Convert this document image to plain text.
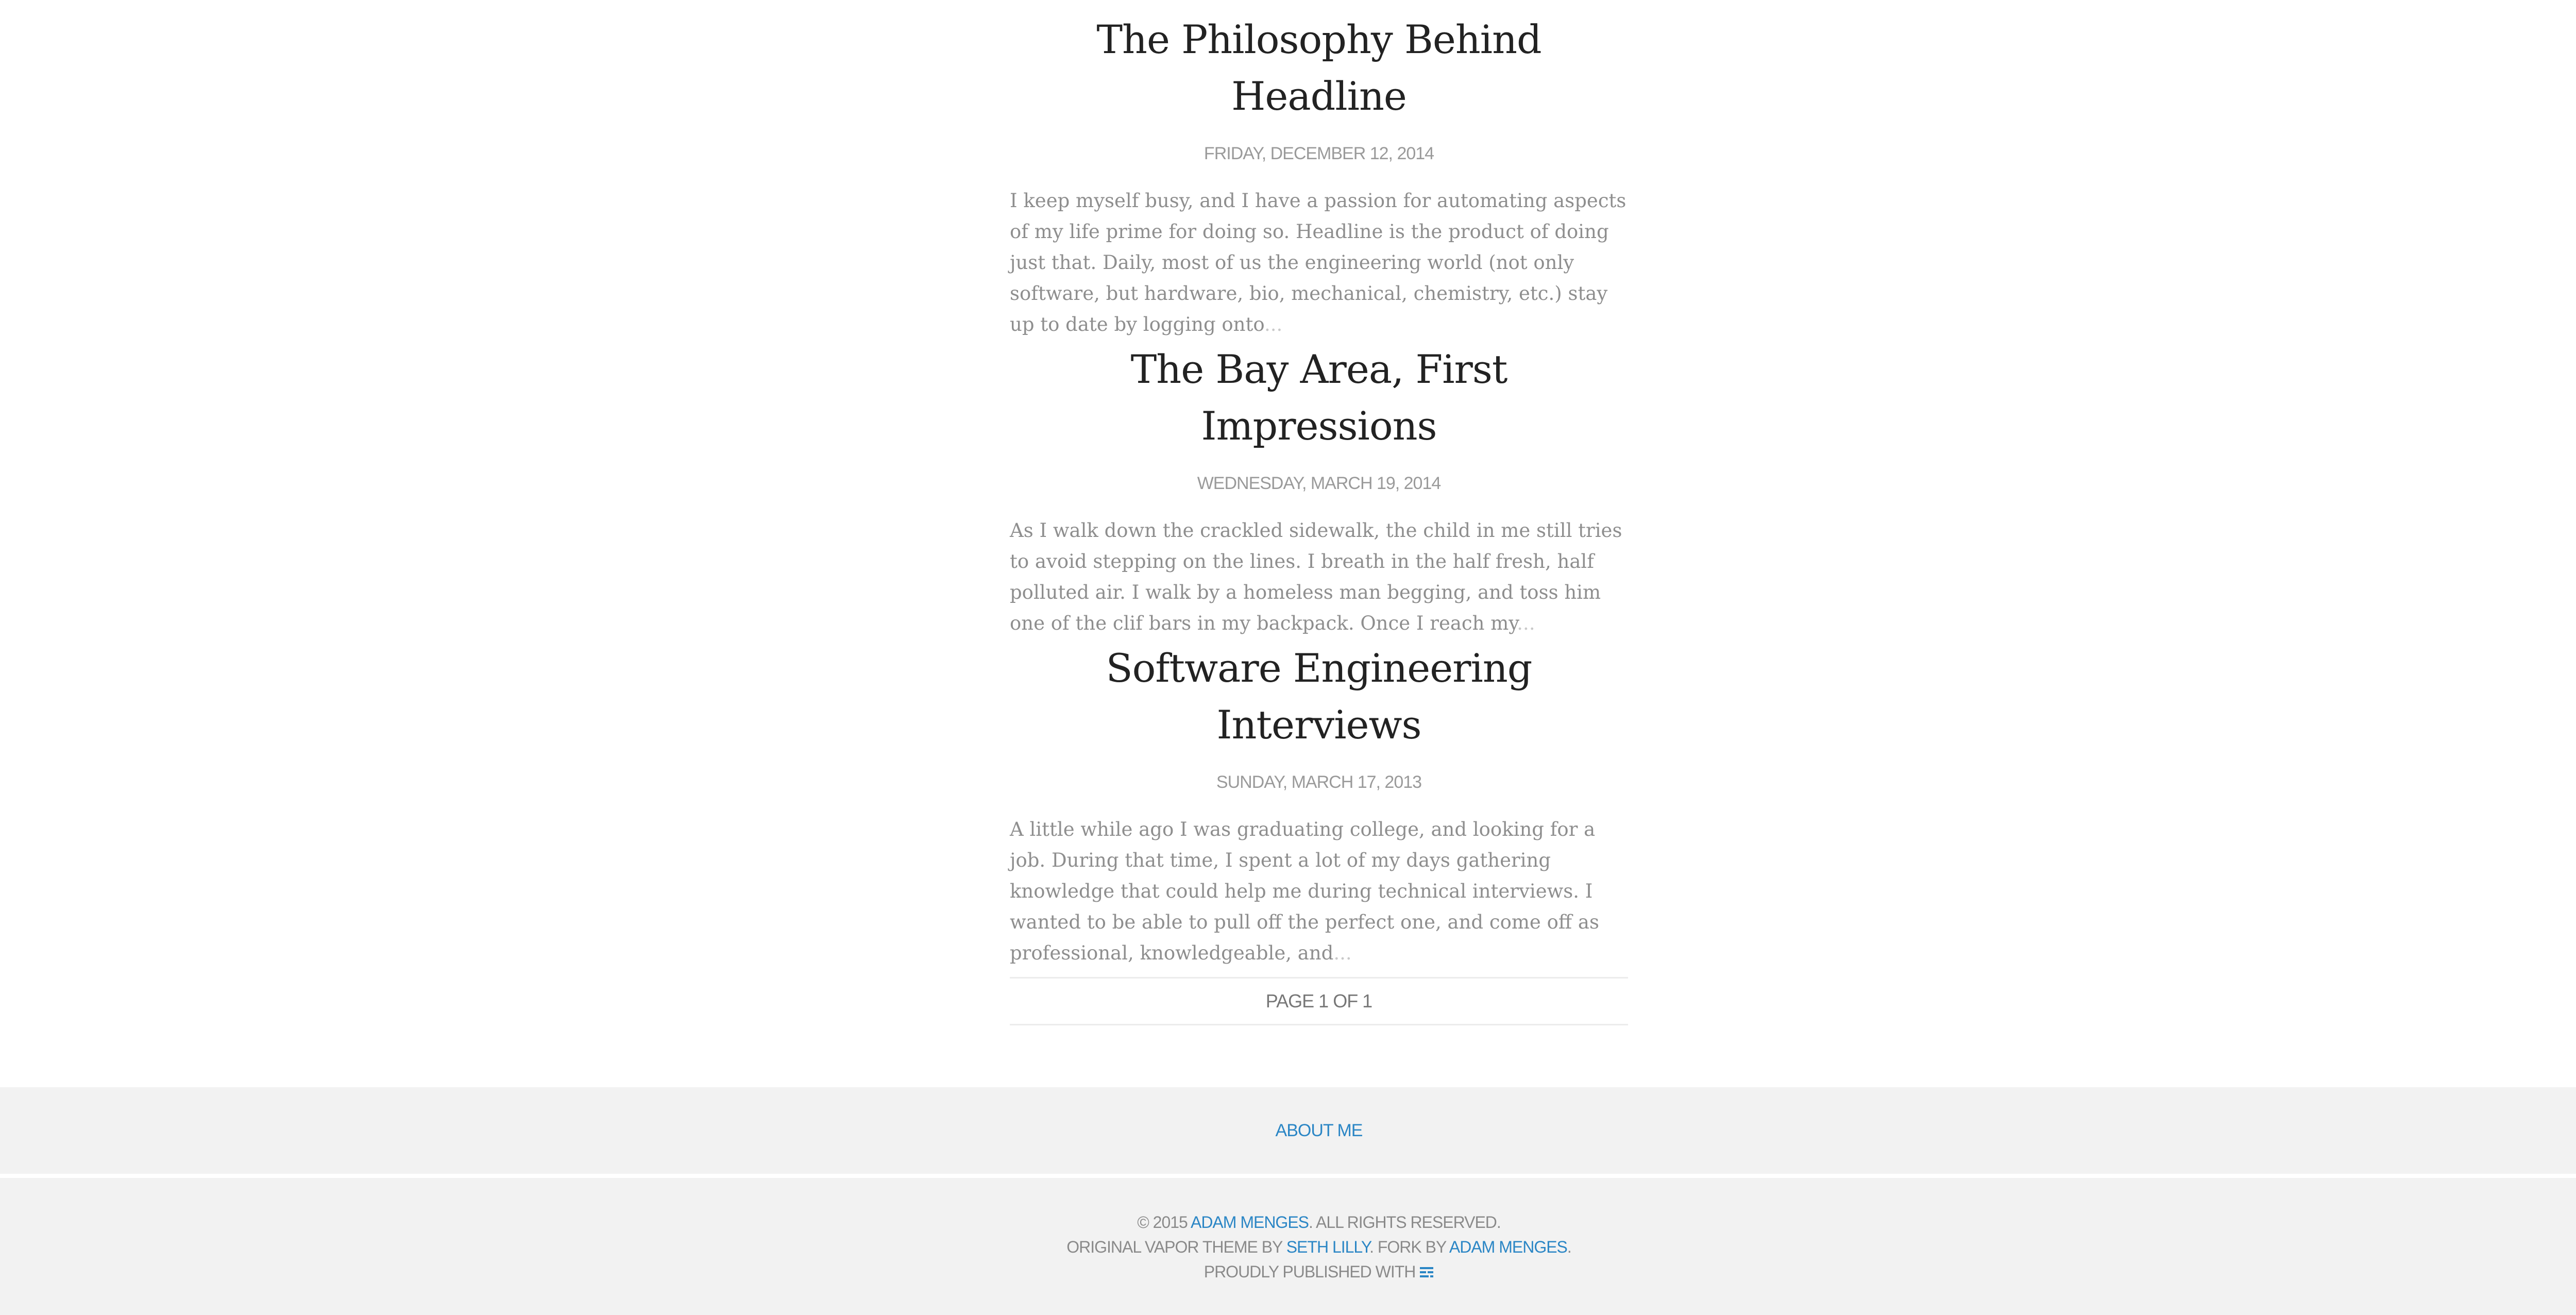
The Philosophy Behind Headline
FRIDAY, DECEMBER 12, 2014

I keep myself busy, and I have a passion for automating aspects of my life prime for doing so. Headline is the product of doing just that. Daily, most of us the engineering world (not only software, but hardware, bio, mechanical, chemistry, etc.) stay up to date by logging onto...

The Bay Area, First Impressions
WEDNESDAY, MARCH 19, 2014

As I walk down the crackled sidewalk, the child in me still tries to avoid stepping on the lines. I breath in the half fresh, half polluted air. I walk by a homeless man begging, and toss him one of the clif bars in my backpack. Once I reach my...

Software Engineering Interviews
SUNDAY, MARCH 17, 2013

A little while ago I was graduating college, and looking for a job. During that time, I spent a lot of my days gathering knowledge that could help me during technical interviews. I wanted to be able to pull off the perfect one, and come off as professional, knowledgeable, and...

PAGE 1 OF 1
ABOUT ME
© 2015 ADAM MENGES. ALL RIGHTS RESERVED.
ORIGINAL VAPOR THEME BY SETH LILLY. FORK BY ADAM MENGES.
PROUDLY PUBLISHED WITH
